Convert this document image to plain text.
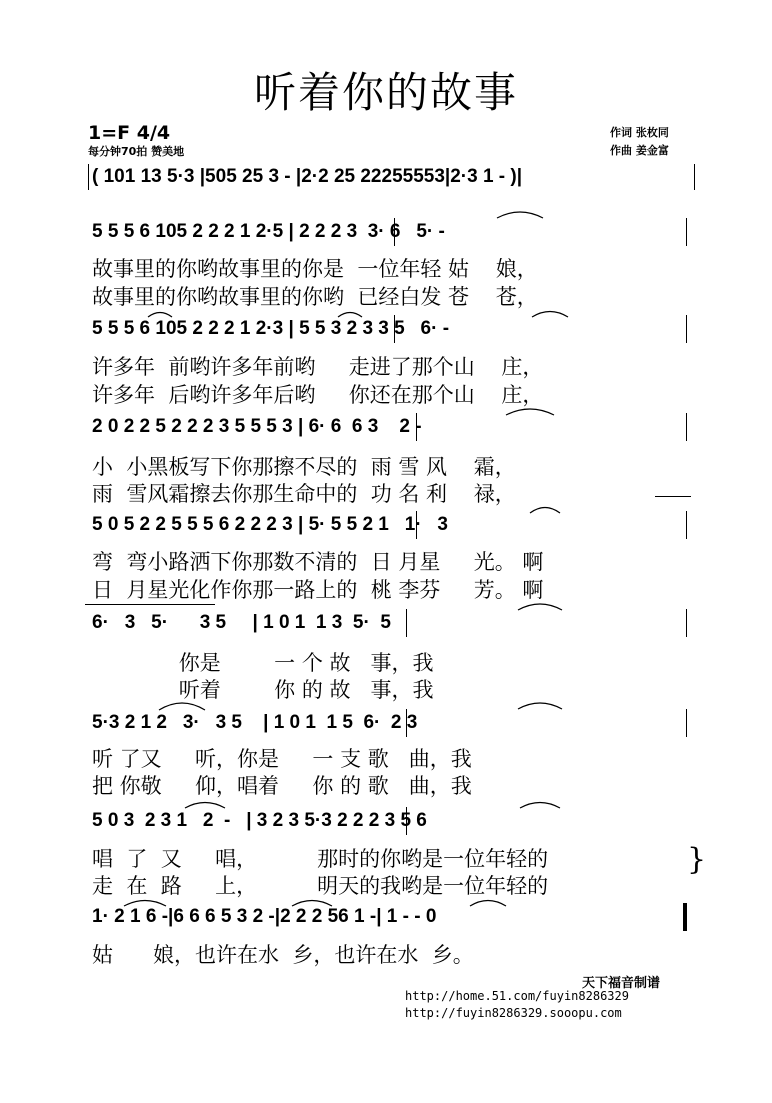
听着你的故事
1=F 4/4
每分钟70拍 赞美地
作词 张枚同
作曲 姜金富
( 101 13 5·3 |505 25 3 - |2·2 25 22255553|2·3 1 - )|
5 5 5 6 105 2 2 2 1 2·5 | 2 2 2 3  3· 6   5· -
故事里的你哟故事里的你是  一位年轻 姑    娘，
故事里的你哟故事里的你哟  已经白发 苍    苍，
5 5 5 6 105 2 2 2 1 2·3 | 5 5 3 2 3 3 5   6· -
许多年  前哟许多年前哟     走进了那个山    庄，
许多年  后哟许多年后哟     你还在那个山    庄，
2 0 2 2 5 2 2 2 3 5 5 5 3 | 6· 6  6 3    2 -
小  小黑板写下你那擦不尽的  雨 雪 风    霜，
雨  雪风霜擦去你那生命中的  功 名 利    禄，
5 0 5 2 2 5 5 5 6 2 2 2 3 | 5· 5 5 2 1   1·   3
弯  弯小路洒下你那数不清的  日 月星     光。 啊
日  月星光化作你那一路上的  桃 李芬     芳。 啊
6·   3   5·      3 5     | 1 0 1  1 3  5·  5
你是        一 个 故   事，我
听着        你 的 故   事，我
5·3 2 1 2   3·   3 5    | 1 0 1  1 5  6·  2 3
听 了又     听，你是     一 支 歌   曲，我
把 你敬     仰，唱着     你 的 歌   曲，我
5 0 3  2 3 1   2  -   | 3 2 3 5·3 2 2 2 3 5 6
唱  了  又     唱，         那时的你哟是一位年轻的
走  在  路     上，         明天的我哟是一位年轻的
}
1· 2 1 6 -|6 6 6 5 3 2 -|2 2 2 56 1 -| 1 - - 0
姑      娘，也许在水  乡，也许在水  乡。
天下福音制谱
http://home.51.com/fuyin8286329
http://fuyin8286329.sooopu.com
